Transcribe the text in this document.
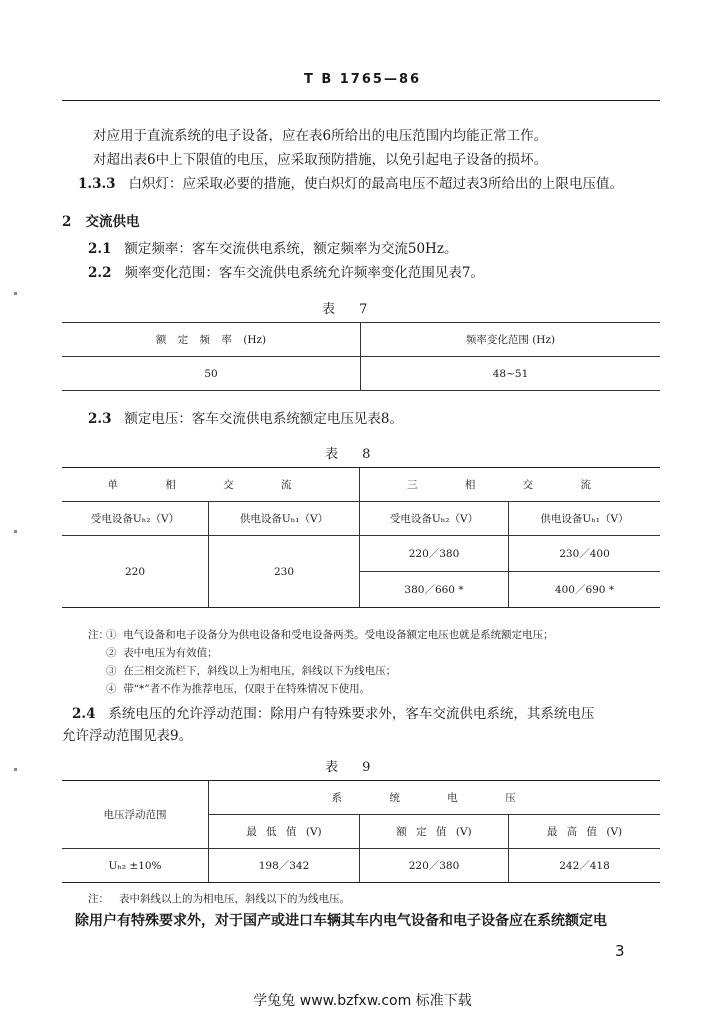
T B 1765—86
对应用于直流系统的电子设备，应在表6所给出的电压范围内均能正常工作。
对超出表6中上下限值的电压，应采取预防措施，以免引起电子设备的损坏。
1.3.3 白炽灯：应采取必要的措施，使白炽灯的最高电压不超过表3所给出的上限电压值。
2 交流供电
2.1 额定频率：客车交流供电系统，额定频率为交流50Hz。
2.2 频率变化范围：客车交流供电系统允许频率变化范围见表7。
表 7
额 定 频 率 (Hz)	频率变化范围 (Hz)
50	48~51
2.3 额定电压：客车交流供电系统额定电压见表8。
表 8
单 相 交 流		三 相 交 流	
受电设备Uₕ₂（V）	供电设备Uₕ₁（V）	受电设备Uₕ₂（V）	供电设备Uₕ₁（V）
220	230	220／380	230／400
		380／660 *	400／690 *
注：
① 电气设备和电子设备分为供电设备和受电设备两类。受电设备额定电压也就是系统额定电压；
② 表中电压为有效值；
③ 在三相交流栏下，斜线以上为相电压，斜线以下为线电压；
④ 带“*”者不作为推荐电压，仅限于在特殊情况下使用。
2.4 系统电压的允许浮动范围：除用户有特殊要求外，客车交流供电系统，其系统电压
允许浮动范围见表9。
表 9
电压浮动范围	系 统 电 压		
	最 低 值 (V)	额 定 值 (V)	最 高 值 (V)
Uₕ₂ ±10%	198／342	220／380	242／418
注： 表中斜线以上的为相电压，斜线以下的为线电压。
除用户有特殊要求外，对于国产或进口车辆其车内电气设备和电子设备应在系统额定电
3
学兔兔 www.bzfxw.com 标准下载
